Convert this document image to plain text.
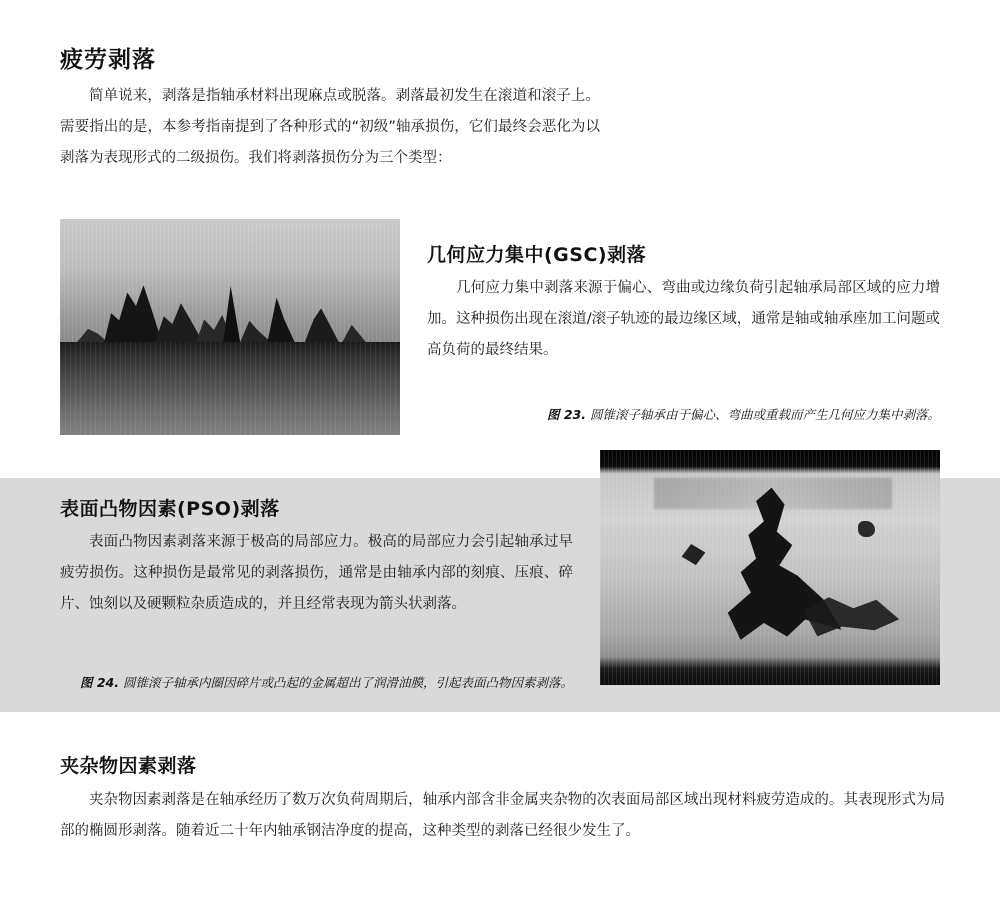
疲劳剥落

简单说来，剥落是指轴承材料出现麻点或脱落。剥落最初发生在滚道和滚子上。需要指出的是，本参考指南提到了各种形式的“初级”轴承损伤，它们最终会恶化为以剥落为表现形式的二级损伤。我们将剥落损伤分为三个类型：

几何应力集中(GSC)剥落

几何应力集中剥落来源于偏心、弯曲或边缘负荷引起轴承局部区域的应力增加。这种损伤出现在滚道/滚子轨迹的最边缘区域，通常是轴或轴承座加工问题或高负荷的最终结果。

图 23. 圆锥滚子轴承由于偏心、弯曲或重载而产生几何应力集中剥落。

表面凸物因素(PSO)剥落

表面凸物因素剥落来源于极高的局部应力。极高的局部应力会引起轴承过早疲劳损伤。这种损伤是最常见的剥落损伤，通常是由轴承内部的刻痕、压痕、碎片、蚀刻以及硬颗粒杂质造成的，并且经常表现为箭头状剥落。

图 24. 圆锥滚子轴承内圈因碎片或凸起的金属超出了润滑油膜，引起表面凸物因素剥落。

夹杂物因素剥落

夹杂物因素剥落是在轴承经历了数万次负荷周期后，轴承内部含非金属夹杂物的次表面局部区域出现材料疲劳造成的。其表现形式为局部的椭圆形剥落。随着近二十年内轴承钢洁净度的提高，这种类型的剥落已经很少发生了。
